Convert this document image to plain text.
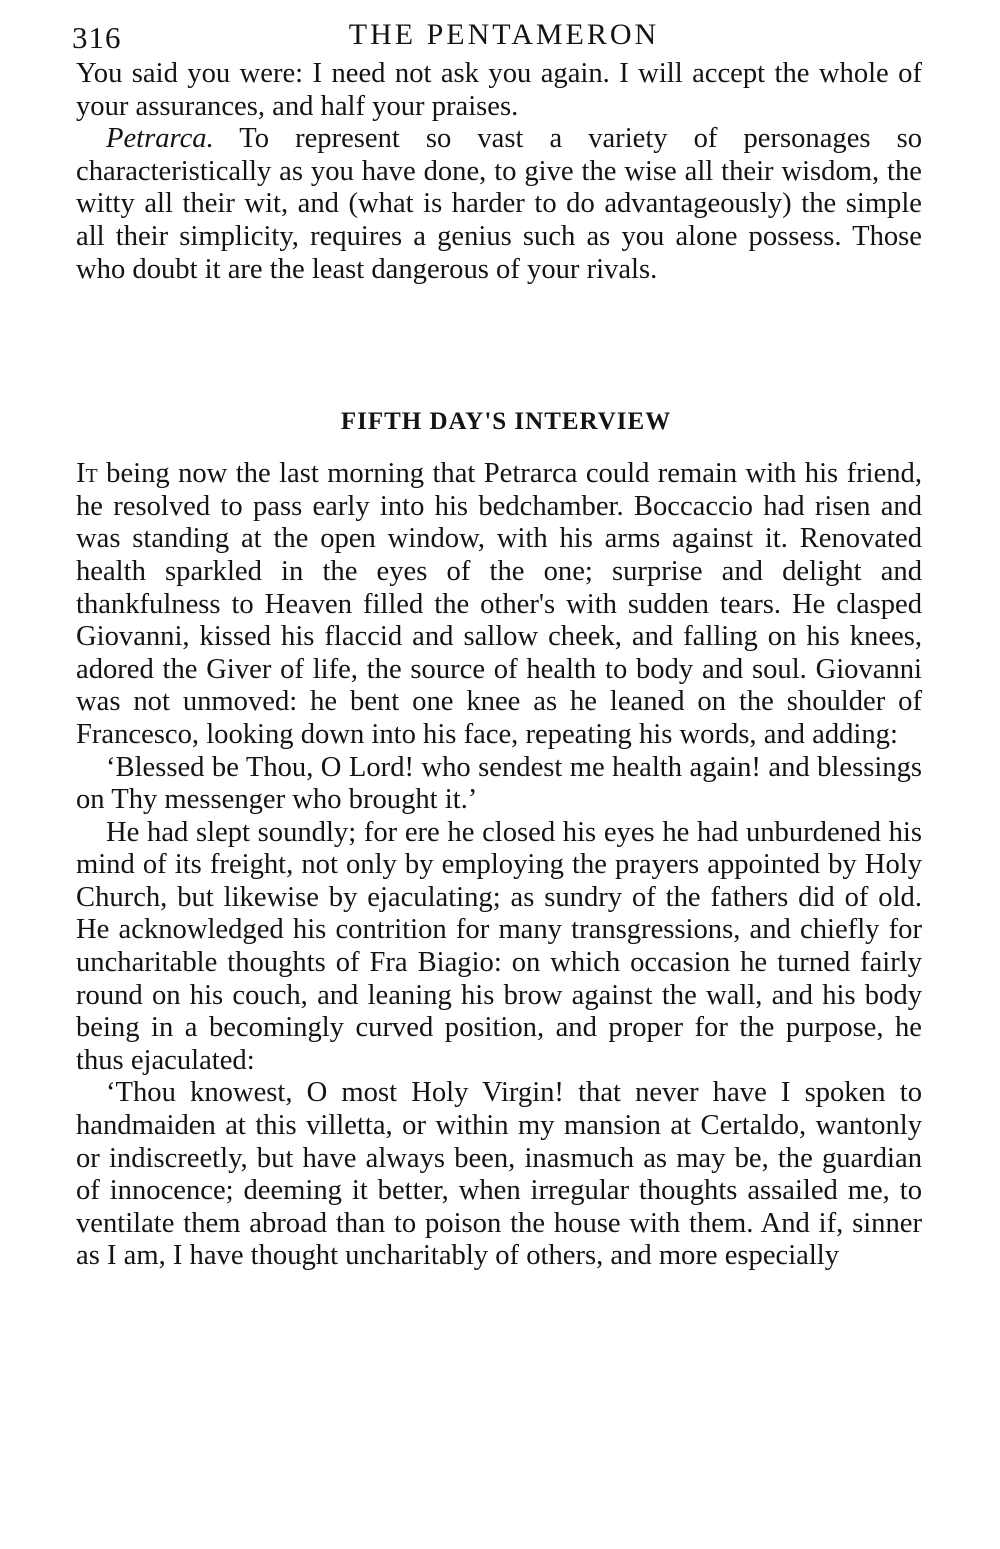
316	THE PENTAMERON

You said you were: I need not ask you again. I will accept the whole of your assurances, and half your praises.

Petrarca. To represent so vast a variety of personages so characteristically as you have done, to give the wise all their wisdom, the witty all their wit, and (what is harder to do advantageously) the simple all their simplicity, requires a genius such as you alone possess. Those who doubt it are the least dangerous of your rivals.

FIFTH DAY'S INTERVIEW

It being now the last morning that Petrarca could remain with his friend, he resolved to pass early into his bedchamber. Boccaccio had risen and was standing at the open window, with his arms against it. Renovated health sparkled in the eyes of the one; surprise and delight and thankfulness to Heaven filled the other's with sudden tears. He clasped Giovanni, kissed his flaccid and sallow cheek, and falling on his knees, adored the Giver of life, the source of health to body and soul. Giovanni was not unmoved: he bent one knee as he leaned on the shoulder of Francesco, looking down into his face, repeating his words, and adding:

‘Blessed be Thou, O Lord! who sendest me health again! and blessings on Thy messenger who brought it.’

He had slept soundly; for ere he closed his eyes he had unburdened his mind of its freight, not only by employing the prayers appointed by Holy Church, but likewise by ejaculating; as sundry of the fathers did of old. He acknowledged his contrition for many transgressions, and chiefly for uncharitable thoughts of Fra Biagio: on which occasion he turned fairly round on his couch, and leaning his brow against the wall, and his body being in a becomingly curved position, and proper for the purpose, he thus ejaculated:

‘Thou knowest, O most Holy Virgin! that never have I spoken to handmaiden at this villetta, or within my mansion at Certaldo, wantonly or indiscreetly, but have always been, inasmuch as may be, the guardian of innocence; deeming it better, when irregular thoughts assailed me, to ventilate them abroad than to poison the house with them. And if, sinner as I am, I have thought uncharitably of others, and more especially
